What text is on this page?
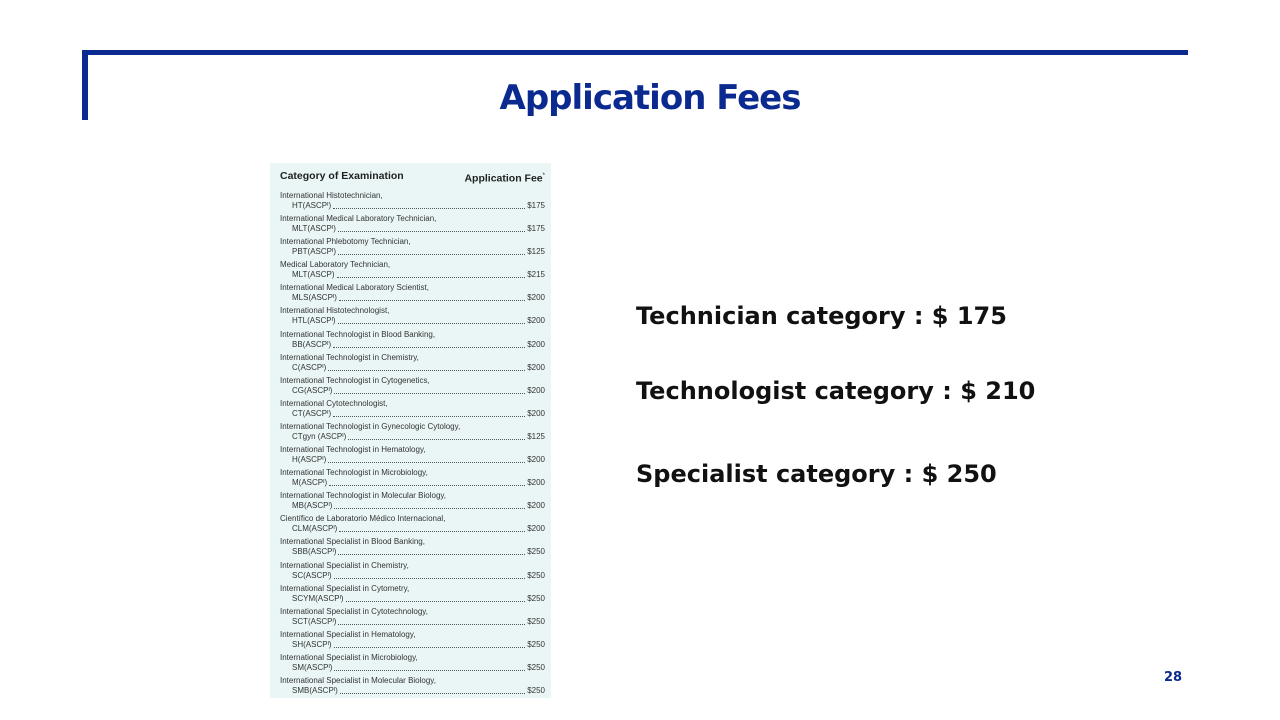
Application Fees
Category of Examination	Application Fee*
International Histotechnician,
HT(ASCPᴵ)	$175
International Medical Laboratory Technician,
MLT(ASCPᴵ)	$175
International Phlebotomy Technician,
PBT(ASCPᴵ)	$125
Medical Laboratory Technician,
MLT(ASCP)	$215
International Medical Laboratory Scientist,
MLS(ASCPᴵ)	$200
International Histotechnologist,
HTL(ASCPᴵ)	$200
International Technologist in Blood Banking,
BB(ASCPᴵ)	$200
International Technologist in Chemistry,
C(ASCPᴵ)	$200
International Technologist in Cytogenetics,
CG(ASCPᴵ)	$200
International Cytotechnologist,
CT(ASCPᴵ)	$200
International Technologist in Gynecologic Cytology,
CTgyn (ASCPᴵ)	$125
International Technologist in Hematology,
H(ASCPᴵ)	$200
International Technologist in Microbiology,
M(ASCPᴵ)	$200
International Technologist in Molecular Biology,
MB(ASCPᴵ)	$200
Científico de Laboratorio Médico Internacional,
CLM(ASCPᴵ)	$200
International Specialist in Blood Banking,
SBB(ASCPᴵ)	$250
International Specialist in Chemistry,
SC(ASCPᴵ)	$250
International Specialist in Cytometry,
SCYM(ASCPᴵ)	$250
International Specialist in Cytotechnology,
SCT(ASCPᴵ)	$250
International Specialist in Hematology,
SH(ASCPᴵ)	$250
International Specialist in Microbiology,
SM(ASCPᴵ)	$250
International Specialist in Molecular Biology,
SMB(ASCPᴵ)	$250
Technician category : $ 175
Technologist category : $ 210
Specialist category : $ 250
28
